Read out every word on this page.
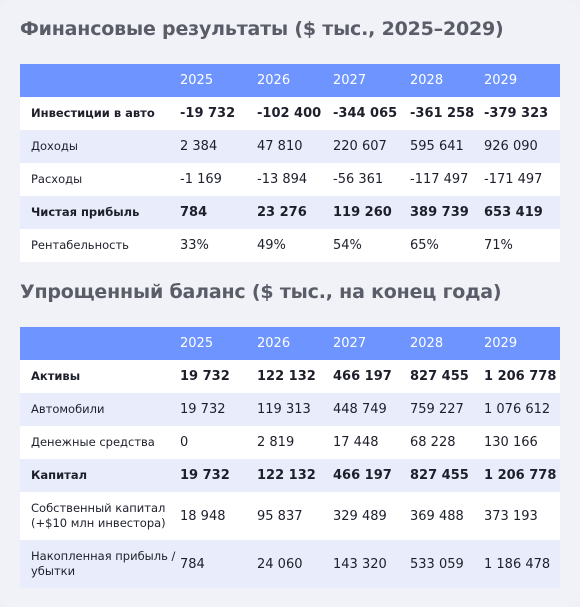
Финансовые результаты ($ тыс., 2025–2029)
	2025	2026	2027	2028	2029
Инвестиции в авто	-19 732	-102 400	-344 065	-361 258	-379 323
Доходы	2 384	47 810	220 607	595 641	926 090
Расходы	-1 169	-13 894	-56 361	-117 497	-171 497
Чистая прибыль	784	23 276	119 260	389 739	653 419
Рентабельность	33%	49%	54%	65%	71%
Упрощенный баланс ($ тыс., на конец года)
	2025	2026	2027	2028	2029
Активы	19 732	122 132	466 197	827 455	1 206 778
Автомобили	19 732	119 313	448 749	759 227	1 076 612
Денежные средства	0	2 819	17 448	68 228	130 166
Капитал	19 732	122 132	466 197	827 455	1 206 778
Собственный капитал (+$10 млн инвестора)	18 948	95 837	329 489	369 488	373 193
Накопленная прибыль / убытки	784	24 060	143 320	533 059	1 186 478
